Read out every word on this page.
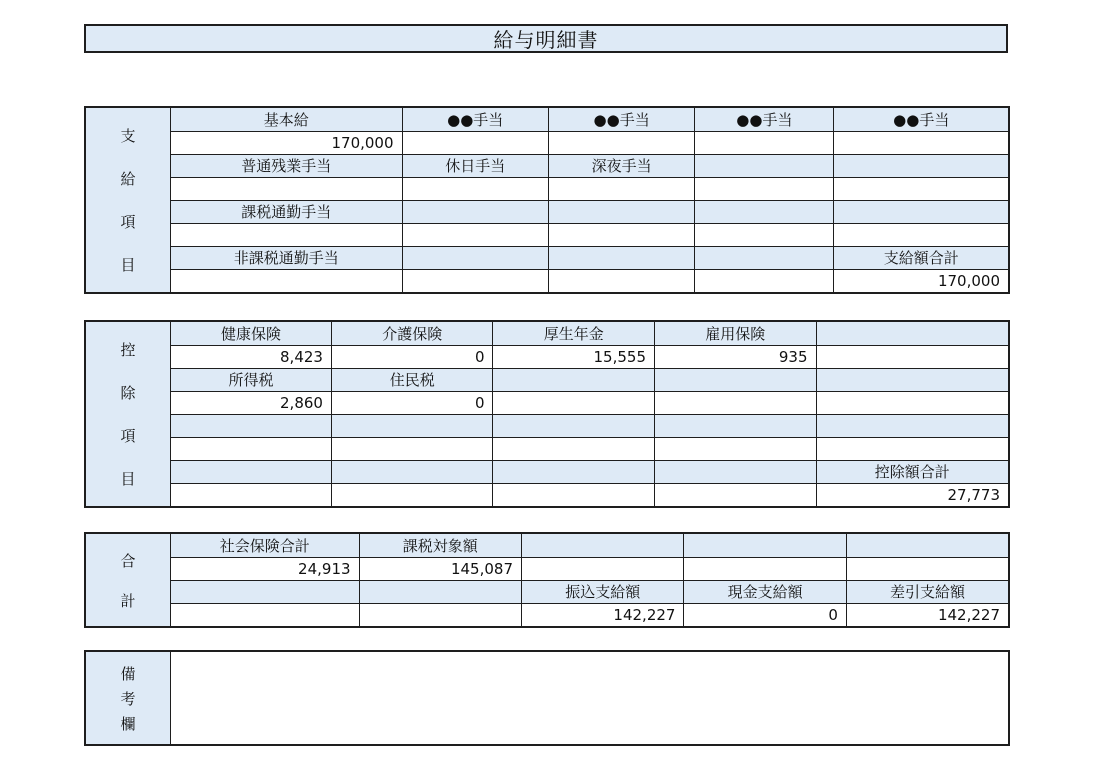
給与明細書
支
給
項
目
基本給	●●手当	●●手当	●●手当	●●手当
170,000				
普通残業手当	休日手当	深夜手当		

課税通勤手当				

非課税通勤手当				支給額合計
				170,000
控
除
項
目
健康保険	介護保険	厚生年金	雇用保険	
8,423	0	15,555	935	
所得税	住民税			
2,860	0			

				控除額合計
				27,773
合
計
社会保険合計	課税対象額			
24,913	145,087			
		振込支給額	現金支給額	差引支給額
		142,227	0	142,227
備
考
欄
